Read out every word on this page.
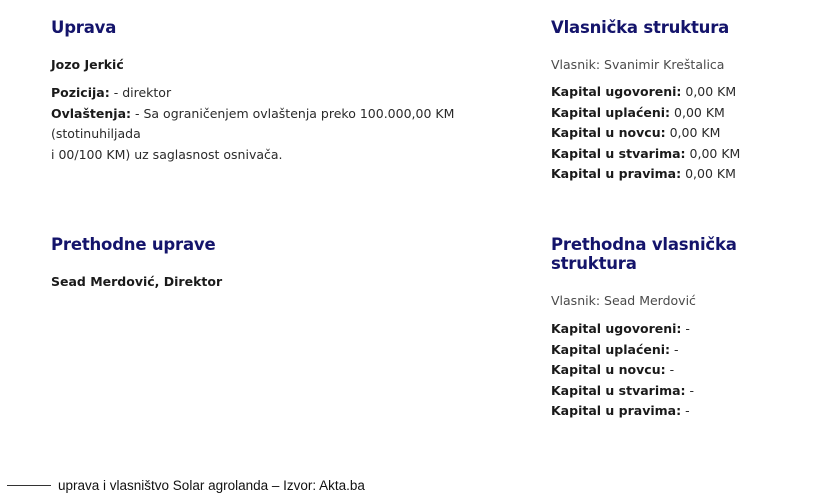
Uprava
Jozo Jerkić
Pozicija: - direktor
Ovlaštenja: - Sa ograničenjem ovlaštenja preko 100.000,00 KM (stotinuhiljada
i 00/100 KM) uz saglasnost osnivača.
Vlasnička struktura
Vlasnik: Svanimir Kreštalica
Kapital ugovoreni: 0,00 KM
Kapital uplaćeni: 0,00 KM
Kapital u novcu: 0,00 KM
Kapital u stvarima: 0,00 KM
Kapital u pravima: 0,00 KM
Prethodne uprave
Sead Merdović, Direktor
Prethodna vlasnička struktura
Vlasnik: Sead Merdović
Kapital ugovoreni: -
Kapital uplaćeni: -
Kapital u novcu: -
Kapital u stvarima: -
Kapital u pravima: -
uprava i vlasništvo Solar agrolanda – Izvor: Akta.ba
